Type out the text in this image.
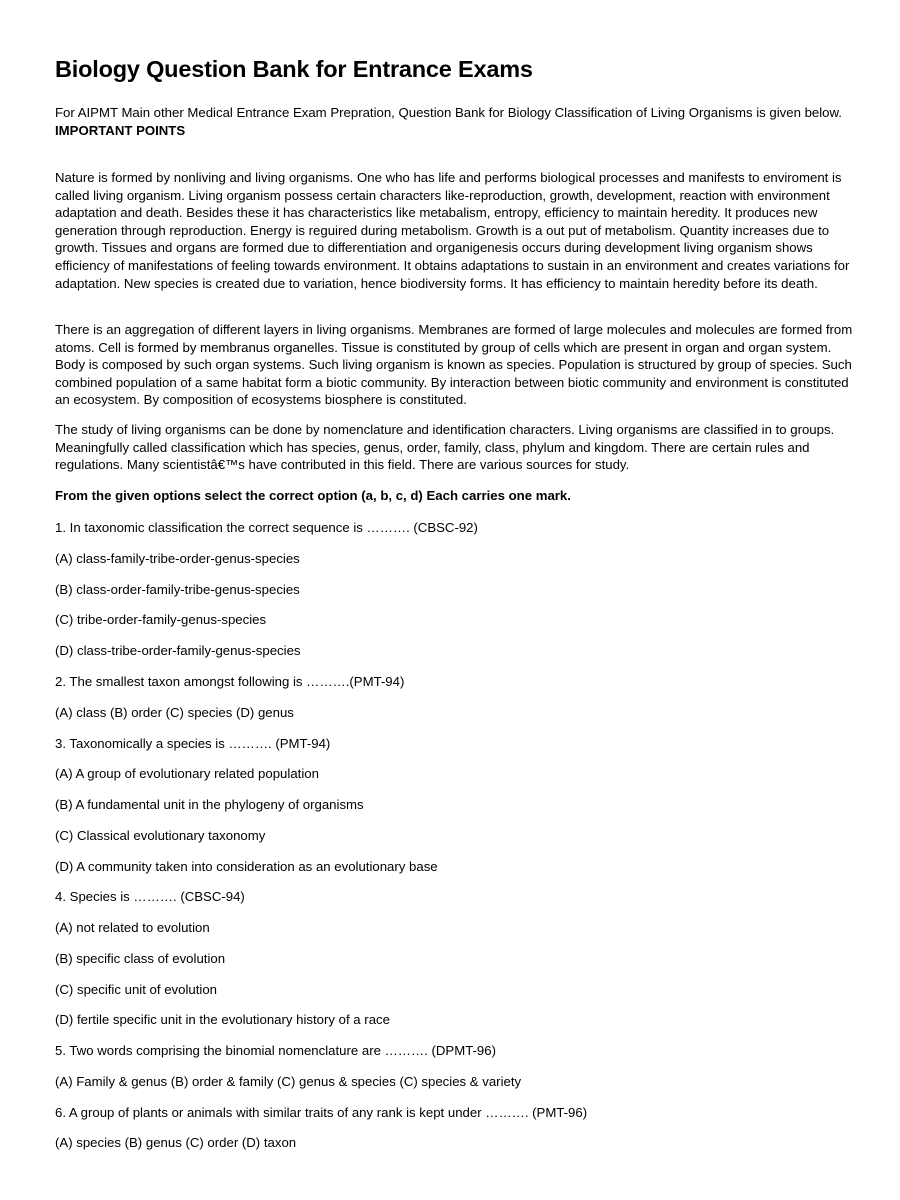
Biology Question Bank for Entrance Exams

For AIPMT Main other Medical Entrance Exam Prepration, Question Bank for Biology Classification of Living Organisms is given below.
IMPORTANT POINTS

Nature is formed by nonliving and living organisms. One who has life and performs biological processes and manifests to enviroment is called living organism. Living organism possess certain characters like-reproduction, growth, development, reaction with environment adaptation and death. Besides these it has characteristics like metabalism, entropy, efficiency to maintain heredity. It produces new generation through reproduction. Energy is reguired during metabolism. Growth is a out put of metabolism. Quantity increases due to growth. Tissues and organs are formed due to differentiation and organigenesis occurs during development living organism shows efficiency of manifestations of feeling towards environment. It obtains adaptations to sustain in an environment and creates variations for adaptation. New species is created due to variation, hence biodiversity forms. It has efficiency to maintain heredity before its death.

There is an aggregation of different layers in living organisms. Membranes are formed of large molecules and molecules are formed from atoms. Cell is formed by membranus organelles. Tissue is constituted by group of cells which are present in organ and organ system. Body is composed by such organ systems. Such living organism is known as species. Population is structured by group of species. Such combined population of a same habitat form a biotic community. By interaction between biotic community and environment is constituted an ecosystem. By composition of ecosystems biosphere is constituted.

The study of living organisms can be done by nomenclature and identification characters. Living organisms are classified in to groups. Meaningfully called classification which has species, genus, order, family, class, phylum and kingdom. There are certain rules and regulations. Many scientistâ€™s have contributed in this field. There are various sources for study.

From the given options select the correct option (a, b, c, d) Each carries one mark.

1. In taxonomic classification the correct sequence is ………. (CBSC-92)

(A) class-family-tribe-order-genus-species

(B) class-order-family-tribe-genus-species

(C) tribe-order-family-genus-species

(D) class-tribe-order-family-genus-species

2. The smallest taxon amongst following is ……….(PMT-94)

(A) class (B) order (C) species (D) genus

3. Taxonomically a species is ………. (PMT-94)

(A) A group of evolutionary related population

(B) A fundamental unit in the phylogeny of organisms

(C) Classical evolutionary taxonomy

(D) A community taken into consideration as an evolutionary base

4. Species is ………. (CBSC-94)

(A) not related to evolution

(B) specific class of evolution

(C) specific unit of evolution

(D) fertile specific unit in the evolutionary history of a race

5. Two words comprising the binomial nomenclature are ………. (DPMT-96)

(A) Family & genus (B) order & family (C) genus & species (C) species & variety

6. A group of plants or animals with similar traits of any rank is kept under ………. (PMT-96)

(A) species (B) genus (C) order (D) taxon
